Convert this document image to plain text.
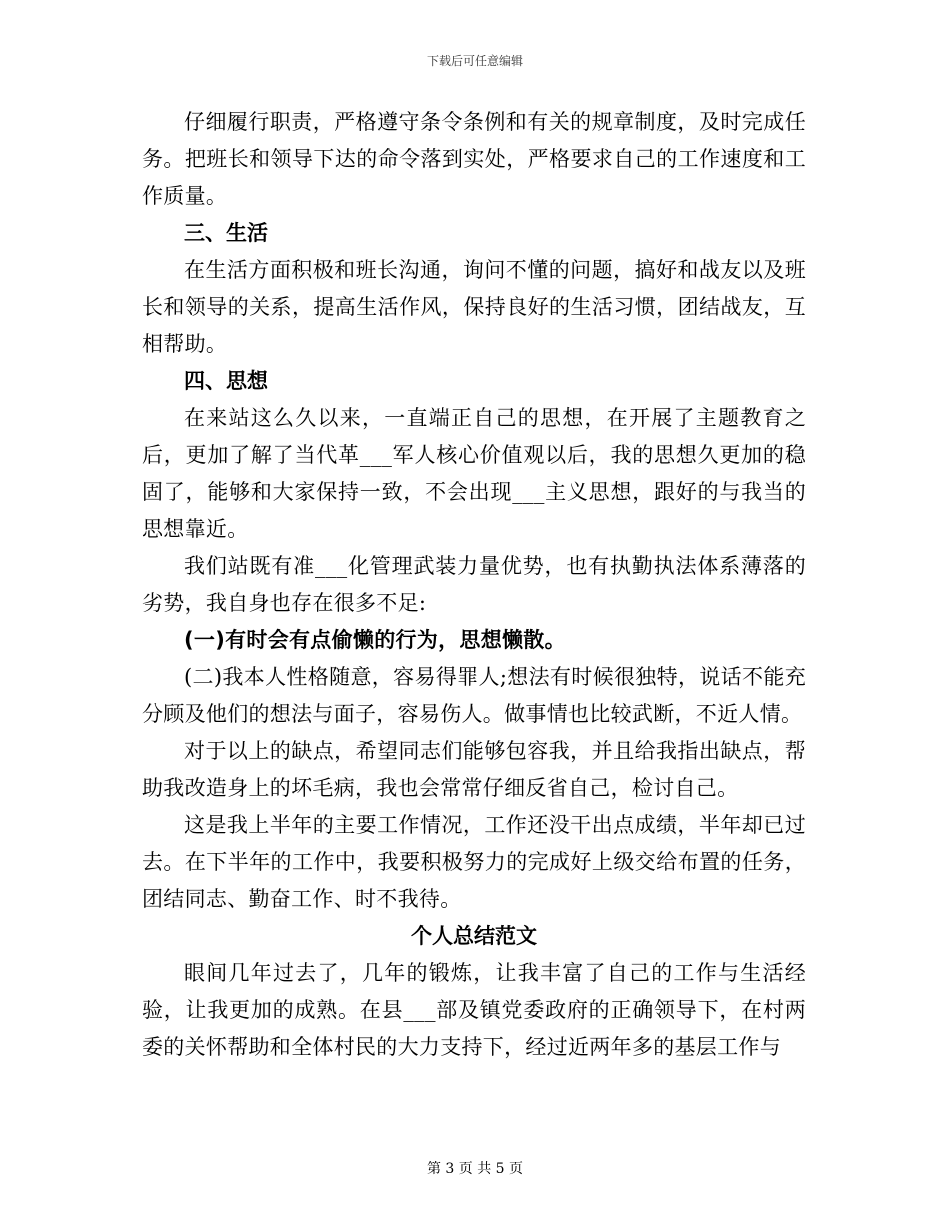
下载后可任意编辑

仔细履行职责，严格遵守条令条例和有关的规章制度，及时完成任务。把班长和领导下达的命令落到实处，严格要求自己的工作速度和工作质量。

三、生活

在生活方面积极和班长沟通，询问不懂的问题，搞好和战友以及班长和领导的关系，提高生活作风，保持良好的生活习惯，团结战友，互相帮助。

四、思想

在来站这么久以来，一直端正自己的思想，在开展了主题教育之后，更加了解了当代革___军人核心价值观以后，我的思想久更加的稳固了，能够和大家保持一致，不会出现___主义思想，跟好的与我当的思想靠近。

我们站既有准___化管理武装力量优势，也有执勤执法体系薄落的劣势，我自身也存在很多不足:

(一)有时会有点偷懒的行为，思想懒散。

(二)我本人性格随意，容易得罪人;想法有时候很独特，说话不能充分顾及他们的想法与面子，容易伤人。做事情也比较武断，不近人情。

对于以上的缺点，希望同志们能够包容我，并且给我指出缺点，帮助我改造身上的坏毛病，我也会常常仔细反省自己，检讨自己。

这是我上半年的主要工作情况，工作还没干出点成绩，半年却已过去。在下半年的工作中，我要积极努力的完成好上级交给布置的任务，团结同志、勤奋工作、时不我待。

个人总结范文

眼间几年过去了，几年的锻炼，让我丰富了自己的工作与生活经验，让我更加的成熟。在县___部及镇党委政府的正确领导下，在村两委的关怀帮助和全体村民的大力支持下，经过近两年多的基层工作与

第 3 页 共 5 页
